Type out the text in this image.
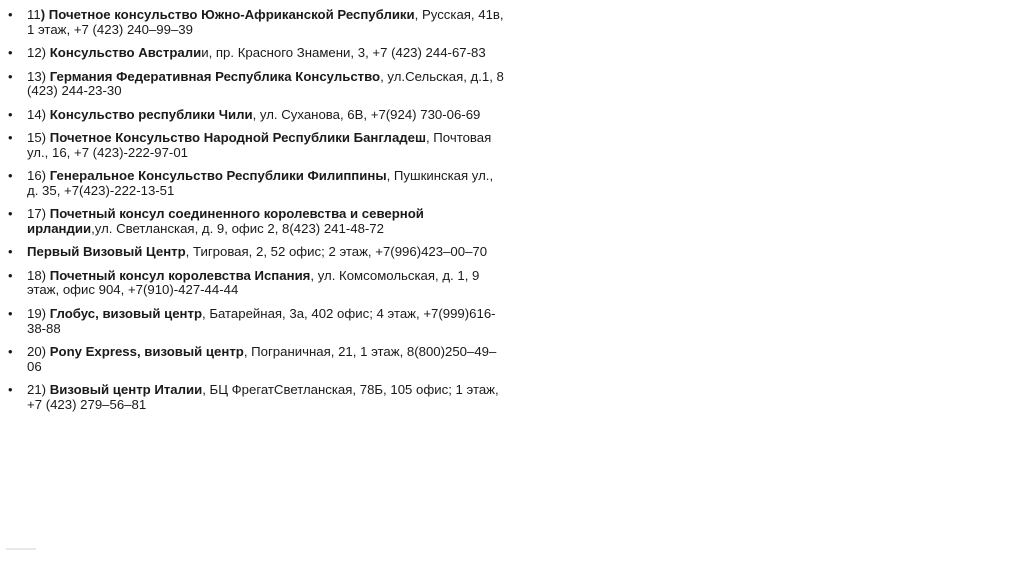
• 11) Почетное консульство Южно-Африканской Республики, Русская, 41в, 1 этаж, +7 (423) 240–99–39
• 12) Консульство Австралии, пр. Красного Знамени, 3, +7 (423) 244-67-83
• 13) Германия Федеративная Республика Консульство, ул.Сельская, д.1, 8 (423) 244-23-30
• 14) Консульство республики Чили, ул. Суханова, 6В, +7(924) 730-06-69
• 15) Почетное Консульство Народной Республики Бангладеш, Почтовая ул., 16, +7 (423)-222-97-01
• 16) Генеральное Консульство Республики Филиппины, Пушкинская ул., д. 35, +7(423)-222-13-51
• 17) Почетный консул соединенного королевства и северной ирландии,ул. Светланская, д. 9, офис 2, 8(423) 241-48-72
• Первый Визовый Центр, Тигровая, 2, 52 офис; 2 этаж, +7(996)423–00–70
• 18) Почетный консул королевства Испания, ул. Комсомольская, д. 1, 9 этаж, офис 904, +7(910)-427-44-44
• 19) Глобус, визовый центр, Батарейная, 3а, 402 офис; 4 этаж, +7(999)616-38-88
• 20) Pony Express, визовый центр, Пограничная, 21, 1 этаж, 8(800)250–49–06
• 21) Визовый центр Италии, БЦ ФрегатСветланская, 78Б, 105 офис; 1 этаж, +7 (423) 279–56–81
